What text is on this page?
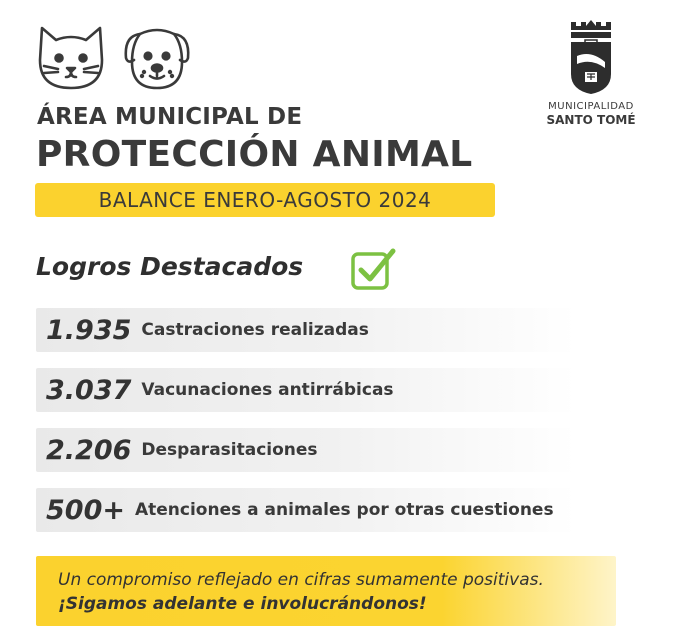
MUNICIPALIDAD
SANTO TOMÉ
ÁREA MUNICIPAL DE
PROTECCIÓN ANIMAL
BALANCE ENERO-AGOSTO 2024
Logros Destacados
1.935 Castraciones realizadas
3.037 Vacunaciones antirrábicas
2.206 Desparasitaciones
500+ Atenciones a animales por otras cuestiones
Un compromiso reflejado en cifras sumamente positivas.
¡Sigamos adelante e involucrándonos!
